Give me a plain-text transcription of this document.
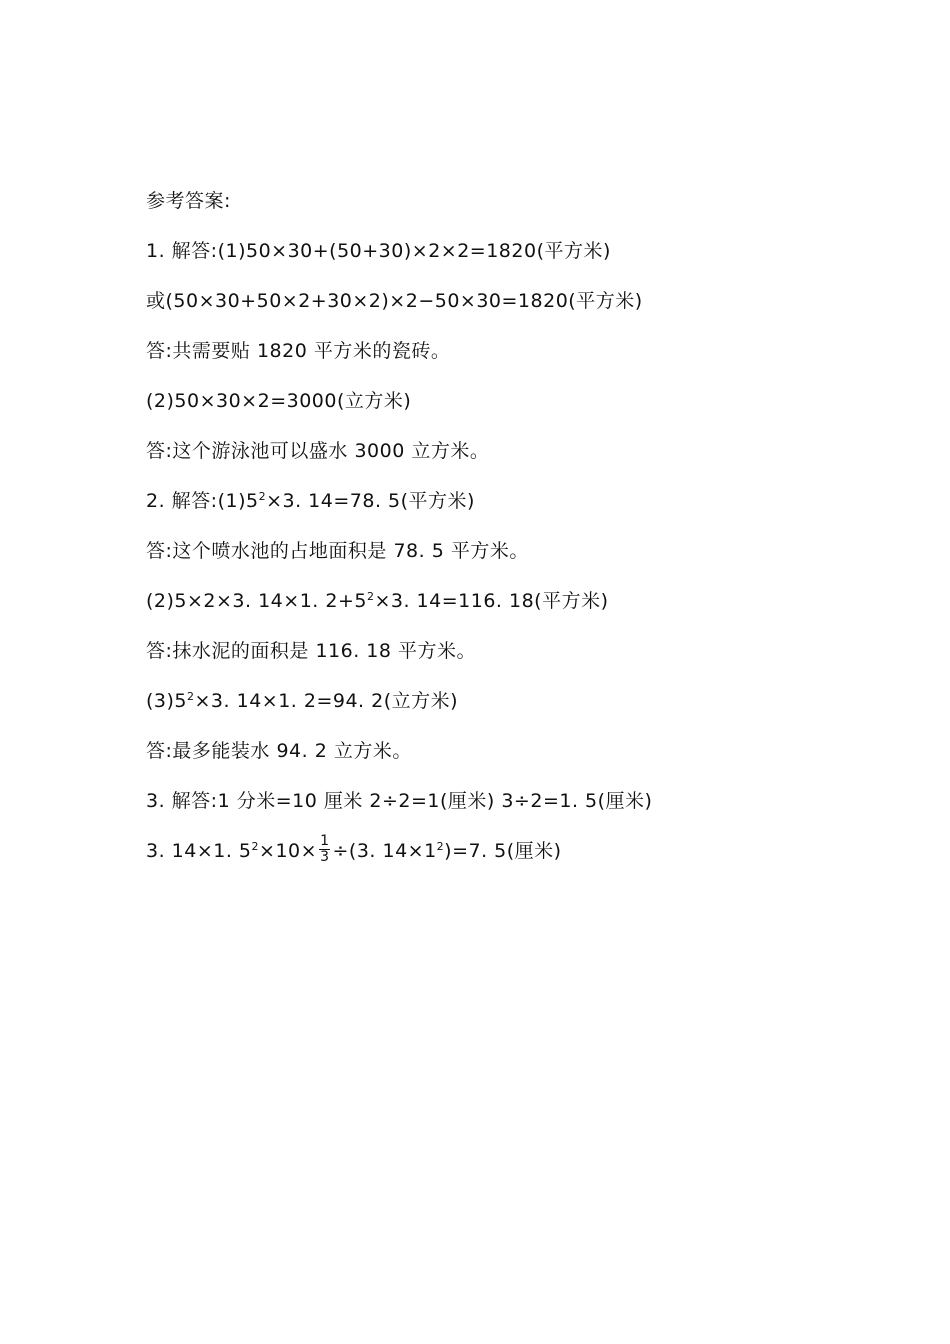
参考答案:
1. 解答:(1)50×30+(50+30)×2×2=1820(平方米)
或(50×30+50×2+30×2)×2−50×30=1820(平方米)
答:共需要贴 1820 平方米的瓷砖。
(2)50×30×2=3000(立方米)
答:这个游泳池可以盛水 3000 立方米。
2. 解答$:(1)5^2\times 3$. 14=78. 5(平方米)
答:这个喷水池的占地面积是 78. 5 平方米。
(2)5×2×3. 14×1. $2+5^2\times 3$. 14=116. 18(平方米)
答:抹水泥的面积是 116. 18 平方米。
$(3)5^2\times 3$. 14×1. 2=94. 2(立方米)
答:最多能装水 94. 2 立方米。
3. 解答:1 分米=10 厘米 2÷2=1(厘米) 3÷2=1. 5(厘米)
3. 14×1. $5^2\times 10\times \frac{1}{3} \div(3$. $14\times 1^2)=7$. 5(厘米)
